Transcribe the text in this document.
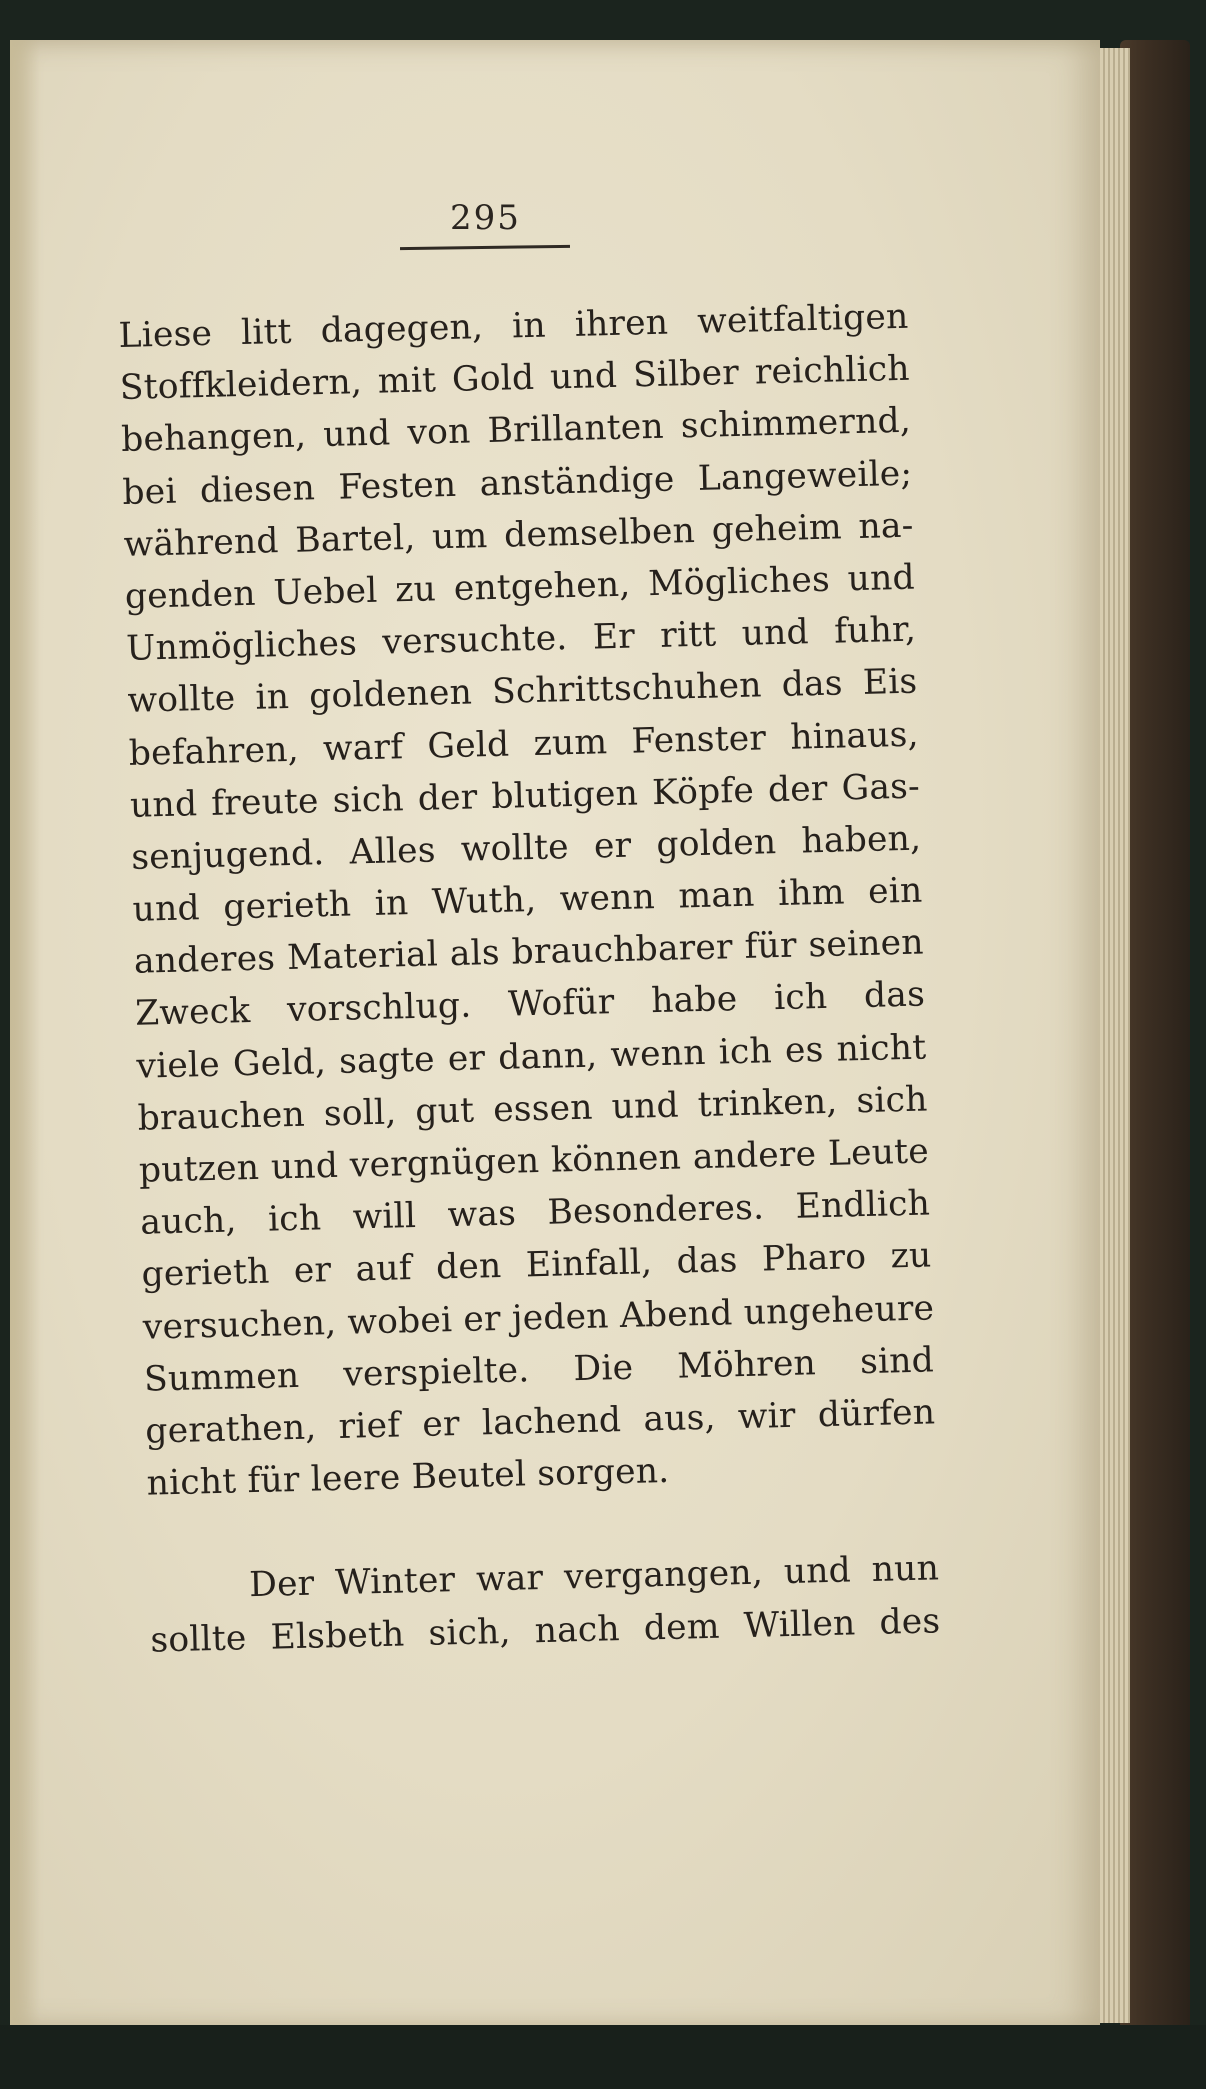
295
Liese litt dagegen, in ihren weitfaltigen
Stoffkleidern, mit Gold und Silber reichlich
behangen, und von Brillanten schimmernd,
bei diesen Festen anständige Langeweile;
während Bartel, um demselben geheim na-
genden Uebel zu entgehen, Mögliches und
Unmögliches versuchte. Er ritt und fuhr,
wollte in goldenen Schrittschuhen das Eis
befahren, warf Geld zum Fenster hinaus,
und freute sich der blutigen Köpfe der Gas-
senjugend. Alles wollte er golden haben,
und gerieth in Wuth, wenn man ihm ein
anderes Material als brauchbarer für seinen
Zweck vorschlug. Wofür habe ich das
viele Geld, sagte er dann, wenn ich es nicht
brauchen soll, gut essen und trinken, sich
putzen und vergnügen können andere Leute
auch, ich will was Besonderes. Endlich
gerieth er auf den Einfall, das Pharo zu
versuchen, wobei er jeden Abend ungeheure
Summen verspielte. Die Möhren sind
gerathen, rief er lachend aus, wir dürfen
nicht für leere Beutel sorgen.
Der Winter war vergangen, und nun
sollte Elsbeth sich, nach dem Willen des
